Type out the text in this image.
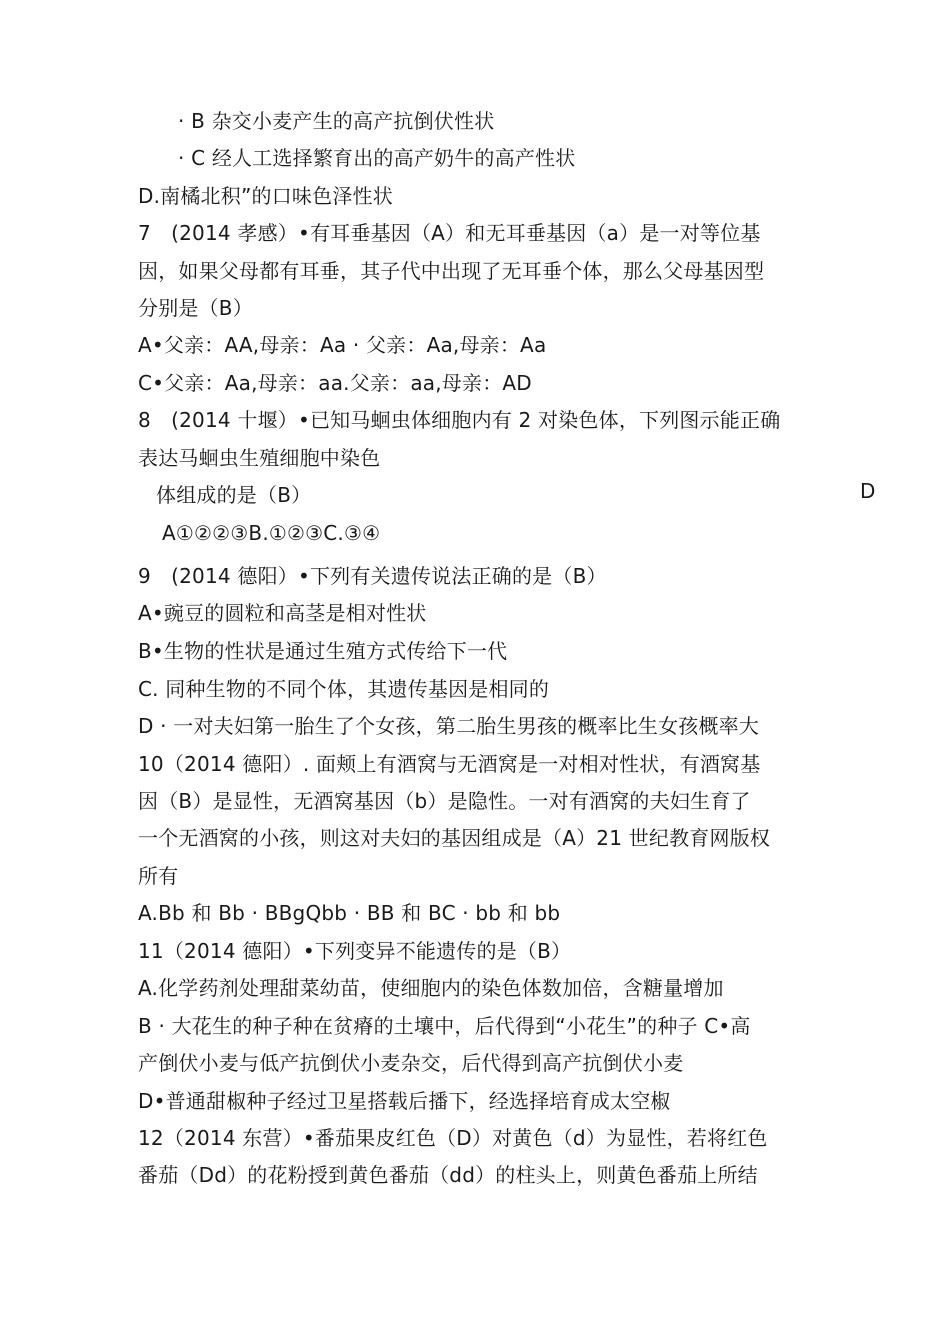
· B 杂交小麦产生的高产抗倒伏性状
· C 经人工选择繁育出的高产奶牛的高产性状
D.南橘北积”的口味色泽性状
7　(2014 孝感）•有耳垂基因（A）和无耳垂基因（a）是一对等位基
因，如果父母都有耳垂，其子代中出现了无耳垂个体，那么父母基因型
分别是（B）
A•父亲：AA,母亲：Aa · 父亲：Aa,母亲：Aa
C•父亲：Aa,母亲：aa.父亲：aa,母亲：AD
8　(2014 十堰）•已知马蛔虫体细胞内有 2 对染色体，下列图示能正确
表达马蛔虫生殖细胞中染色
体组成的是（B）	D
A①②②③B.①②③C.③④
9　(2014 德阳）•下列有关遗传说法正确的是（B）
A•豌豆的圆粒和高茎是相对性状
B•生物的性状是通过生殖方式传给下一代
C. 同种生物的不同个体，其遗传基因是相同的
D · 一对夫妇第一胎生了个女孩，第二胎生男孩的概率比生女孩概率大
10（2014 德阳）. 面颊上有酒窝与无酒窝是一对相对性状，有酒窝基
因（B）是显性，无酒窝基因（b）是隐性。一对有酒窝的夫妇生育了
一个无酒窝的小孩，则这对夫妇的基因组成是（A）21 世纪教育网版权
所有
A.Bb 和 Bb · BBgQbb · BB 和 BC · bb 和 bb
11（2014 德阳）•下列变异不能遗传的是（B）
A.化学药剂处理甜菜幼苗，使细胞内的染色体数加倍，含糖量增加
B · 大花生的种子种在贫瘠的土壤中，后代得到“小花生”的种子 C•高
产倒伏小麦与低产抗倒伏小麦杂交，后代得到高产抗倒伏小麦
D•普通甜椒种子经过卫星搭载后播下，经选择培育成太空椒
12（2014 东营）•番茄果皮红色（D）对黄色（d）为显性，若将红色
番茄（Dd）的花粉授到黄色番茄（dd）的柱头上，则黄色番茄上所结
